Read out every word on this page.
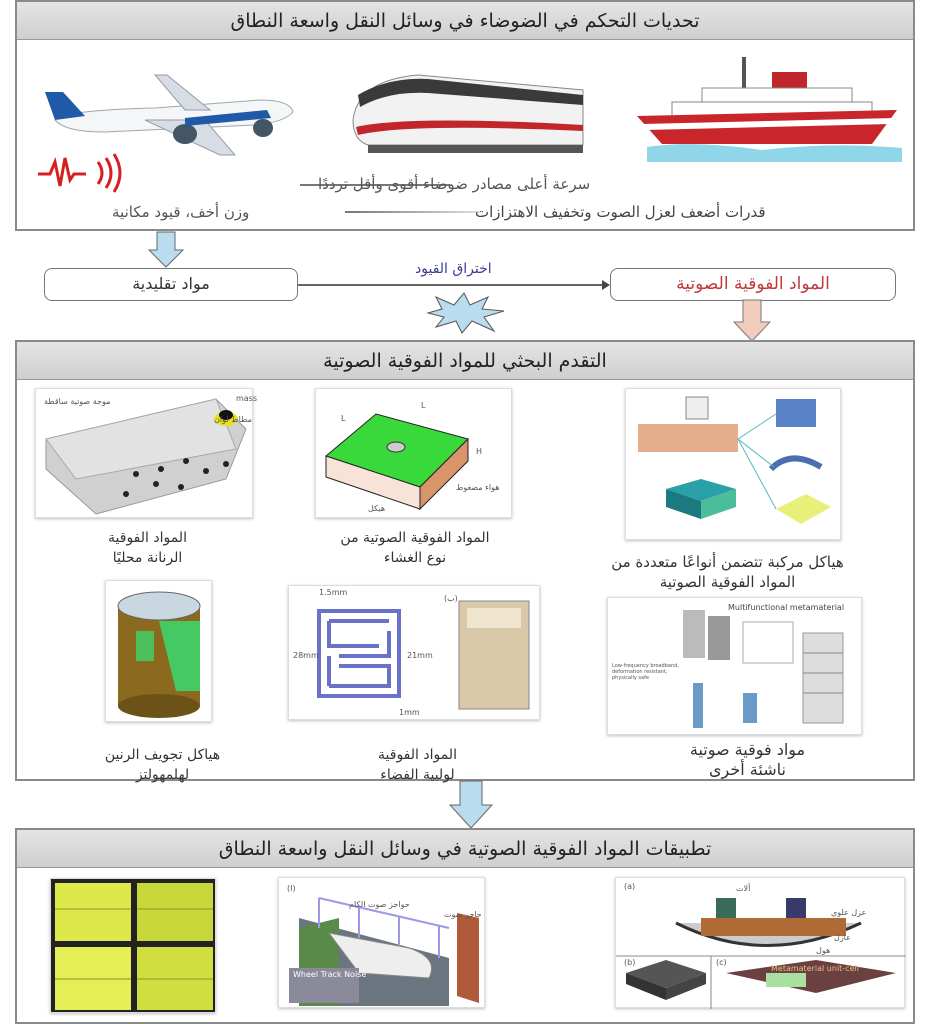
تحديات التحكم في الضوضاء في وسائل النقل واسعة النطاق
سرعة أعلى مصادر ضوضاء أقوى وأقل ترددًا
قدرات أضعف لعزل الصوت وتخفيف الاهتزازات
وزن أخف، قيود مكانية
مواد تقليدية
اختراق القيود
المواد الفوقية الصوتية
التقدم البحثي للمواد الفوقية الصوتية
موجة صوتية ساقطة	mass
مطاط لوان
المواد الفوقية
الرنانة محليًا
L
L
H
هواء مضغوط
هيكل
المواد الفوقية الصوتية من
نوع الغشاء	هياكل مركبة تتضمن أنواعًا متعددة من
المواد الفوقية الصوتية
هياكل تجويف الرنين
لهلمهولتز
1.5mm
28mm	21mm
1mm
(ب)
المواد الفوقية
لولبية الفضاء
Multifunctional metamaterial
Low-frequency broadband, deformation resistant, physically safe
مواد فوقية صوتية
ناشئة أخرى
تطبيقات المواد الفوقية الصوتية في وسائل النقل واسعة النطاق
(I)
حواجز صوت الكام
حاجز صوت
Wheel Track Noise
(a)	ألات
عزل علوي
عازل
هول
(b)	(c)
Metamaterial unit-cell
